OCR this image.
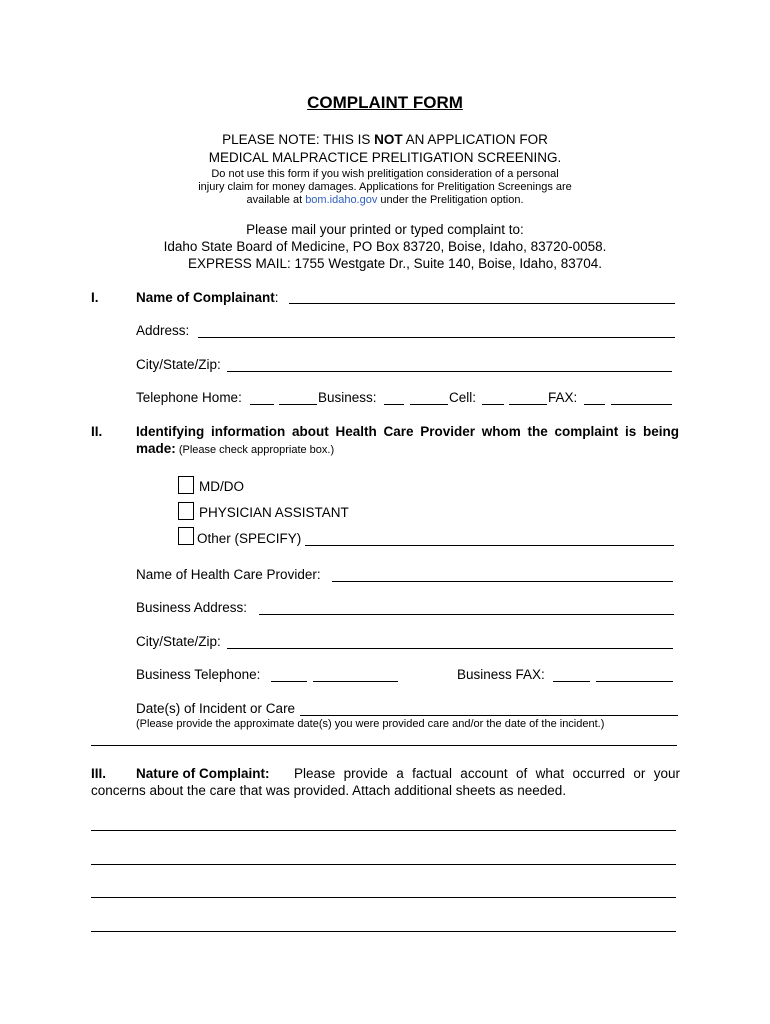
COMPLAINT FORM
PLEASE NOTE: THIS IS NOT AN APPLICATION FOR
MEDICAL MALPRACTICE PRELITIGATION SCREENING.
Do not use this form if you wish prelitigation consideration of a personal
injury claim for money damages. Applications for Prelitigation Screenings are
available at bom.idaho.gov under the Prelitigation option.
Please mail your printed or typed complaint to:
Idaho State Board of Medicine, PO Box 83720, Boise, Idaho, 83720-0058.
EXPRESS MAIL: 1755 Westgate Dr., Suite 140, Boise, Idaho, 83704.
I.	Name of Complainant:
Address:
City/State/Zip:
Telephone Home:	Business:	Cell:	FAX:
II. Identifying information about Health Care Provider whom the complaint is being
made: (Please check appropriate box.)
MD/DO
PHYSICIAN ASSISTANT
Other (SPECIFY)
Name of Health Care Provider:
Business Address:
City/State/Zip:
Business Telephone:	Business FAX:
Date(s) of Incident or Care
(Please provide the approximate date(s) you were provided care and/or the date of the incident.)
III. Nature of Complaint: Please provide a factual account of what occurred or your
concerns about the care that was provided. Attach additional sheets as needed.
